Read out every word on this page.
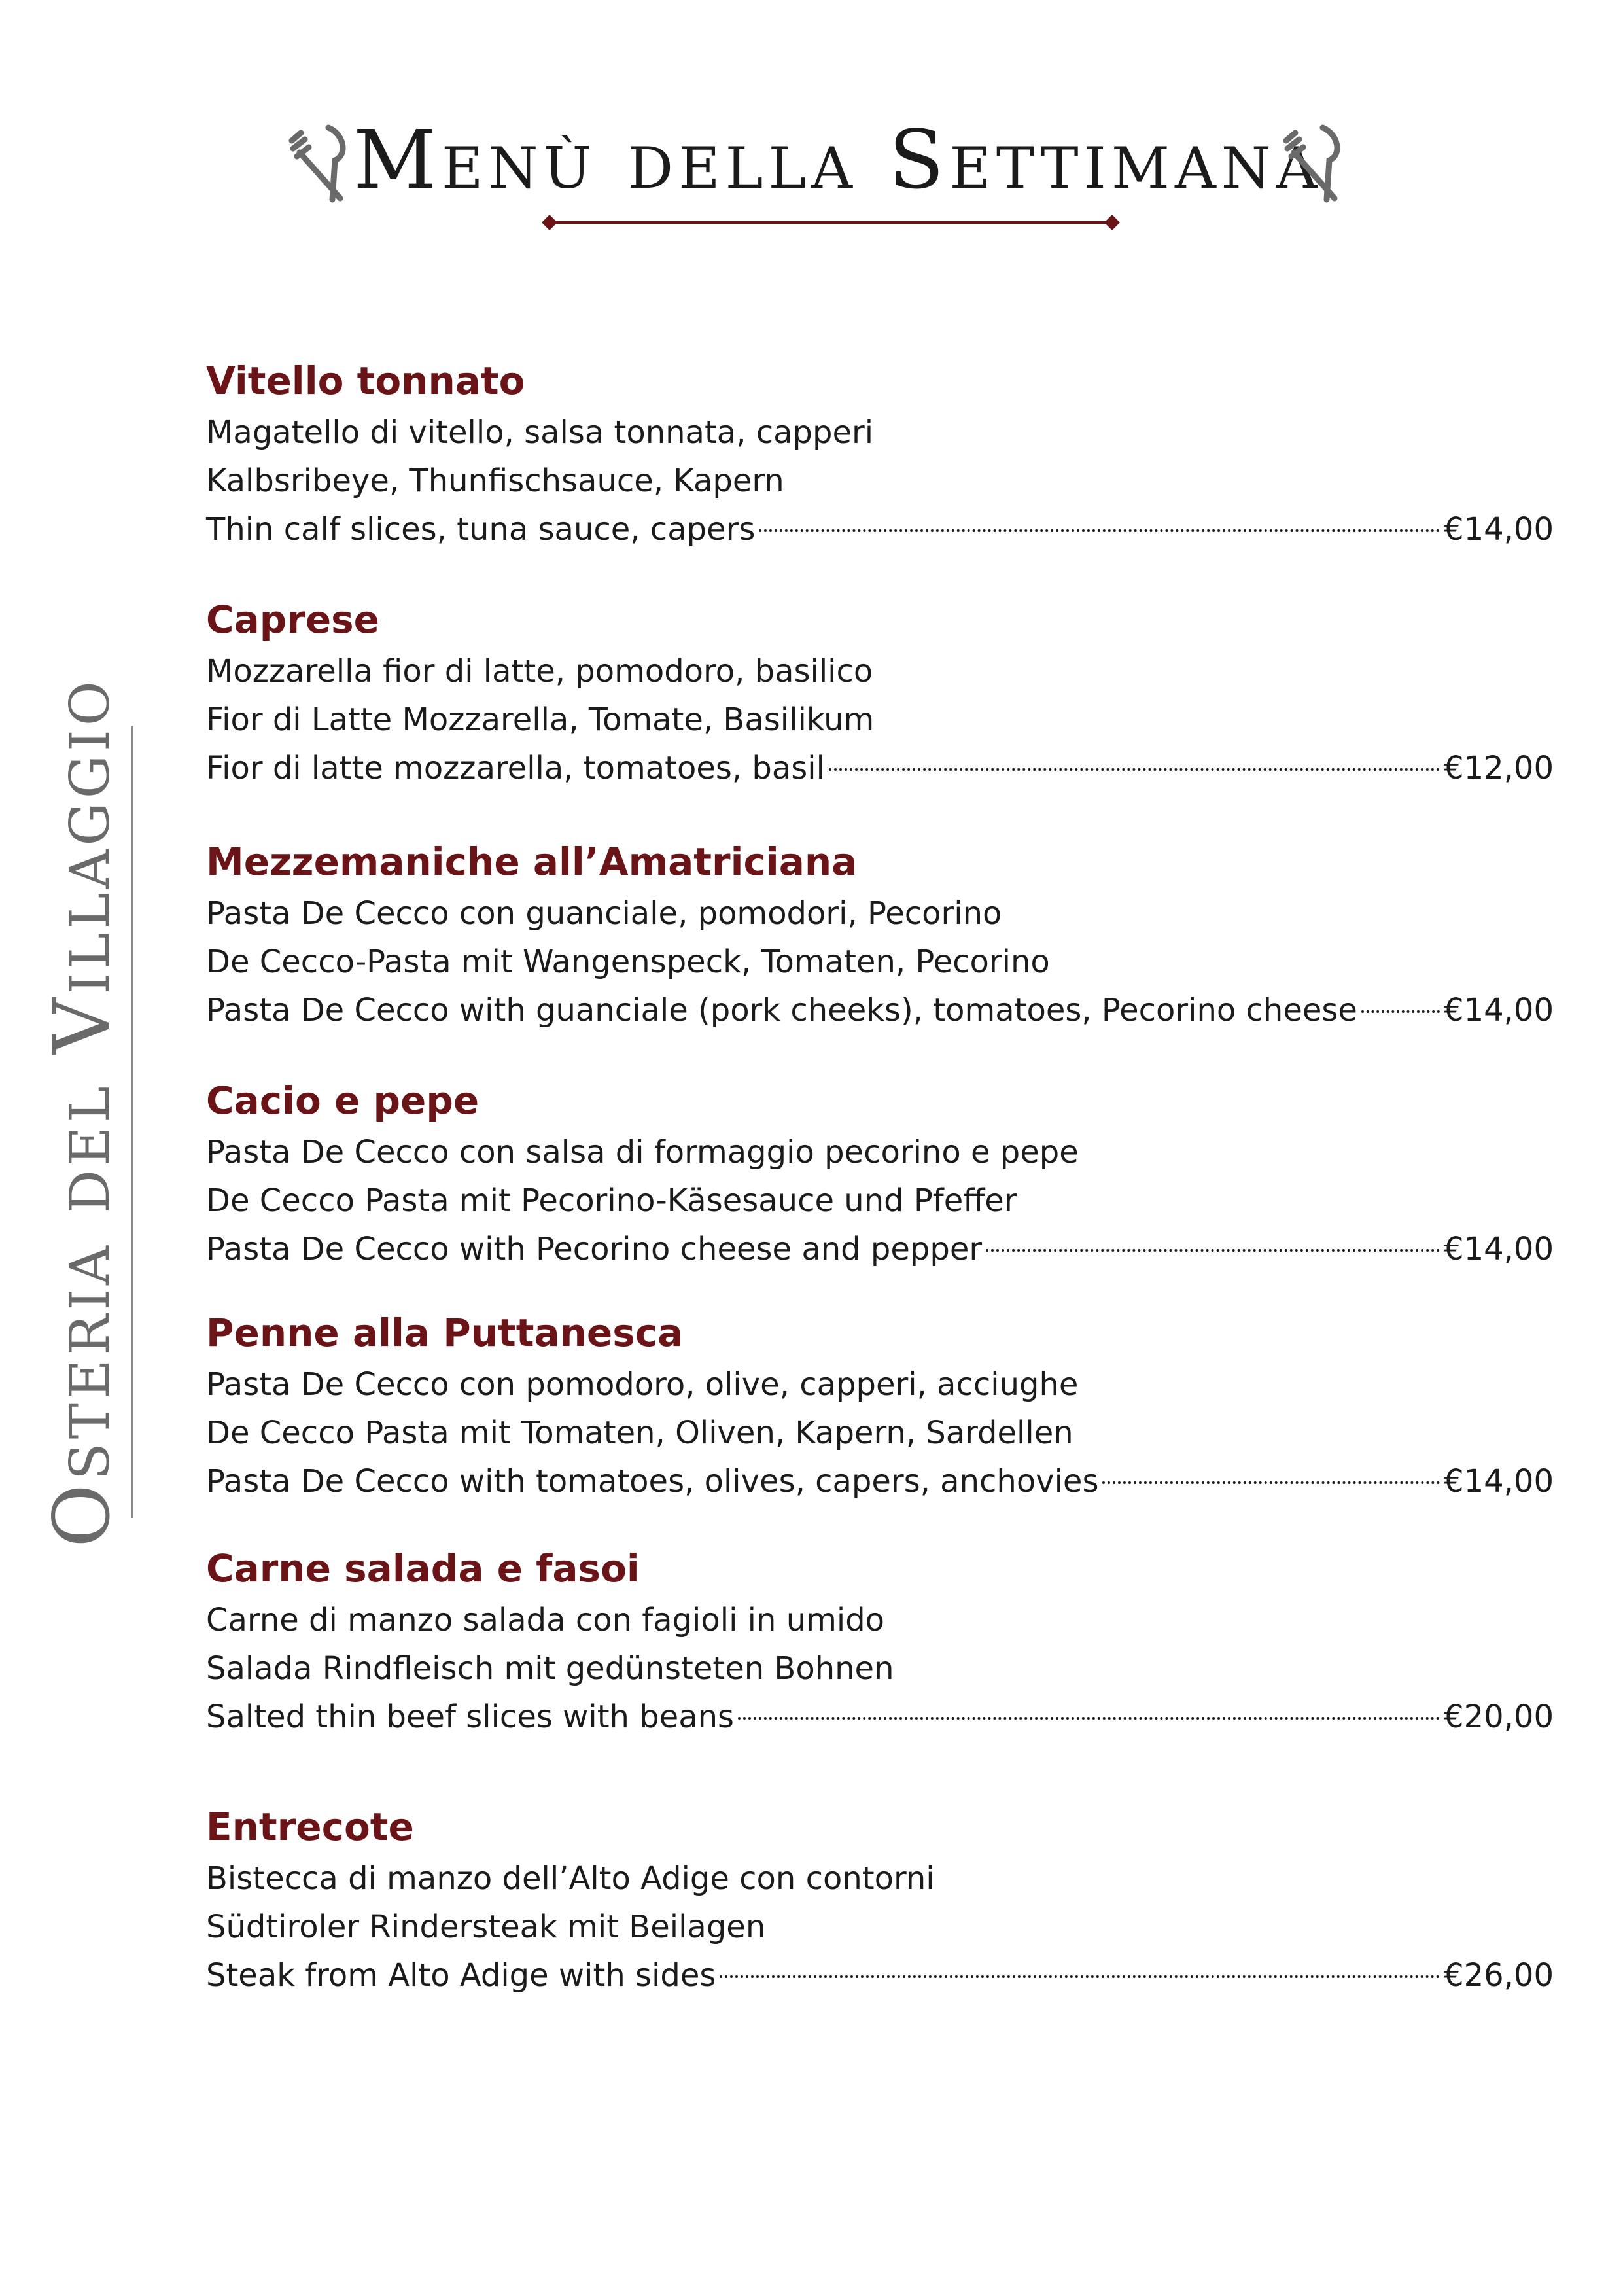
Menù della Settimana
Osteria del Villaggio
Vitello tonnato
Magatello di vitello, salsa tonnata, capperi
Kalbsribeye, Thunfischsauce, Kapern
Thin calf slices, tuna sauce, capers	€14,00
Caprese
Mozzarella fior di latte, pomodoro, basilico
Fior di Latte Mozzarella, Tomate, Basilikum
Fior di latte mozzarella, tomatoes, basil	€12,00
Mezzemaniche all’Amatriciana
Pasta De Cecco con guanciale, pomodori, Pecorino
De Cecco-Pasta mit Wangenspeck, Tomaten, Pecorino
Pasta De Cecco with guanciale (pork cheeks), tomatoes, Pecorino cheese	€14,00
Cacio e pepe
Pasta De Cecco con salsa di formaggio pecorino e pepe
De Cecco Pasta mit Pecorino-Käsesauce und Pfeffer
Pasta De Cecco with Pecorino cheese and pepper	€14,00
Penne alla Puttanesca
Pasta De Cecco con pomodoro, olive, capperi, acciughe
De Cecco Pasta mit Tomaten, Oliven, Kapern, Sardellen
Pasta De Cecco with tomatoes, olives, capers, anchovies	€14,00
Carne salada e fasoi
Carne di manzo salada con fagioli in umido
Salada Rindfleisch mit gedünsteten Bohnen
Salted thin beef slices with beans	€20,00
Entrecote
Bistecca di manzo dell’Alto Adige con contorni
Südtiroler Rindersteak mit Beilagen
Steak from Alto Adige with sides	€26,00
